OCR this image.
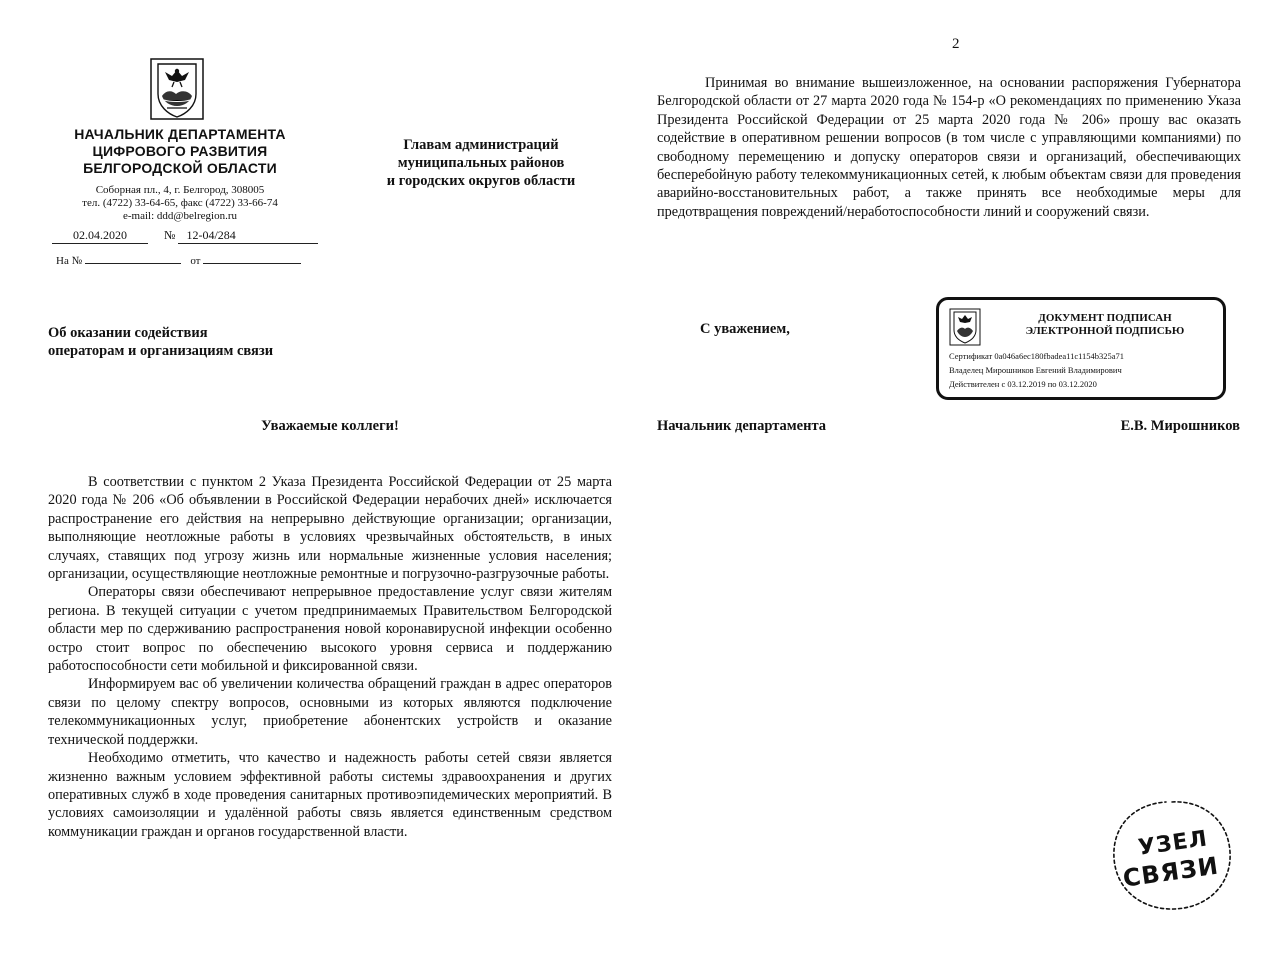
НАЧАЛЬНИК ДЕПАРТАМЕНТА
ЦИФРОВОГО РАЗВИТИЯ
БЕЛГОРОДСКОЙ ОБЛАСТИ
Соборная пл., 4, г. Белгород, 308005
тел. (4722) 33-64-65, факс (4722) 33-66-74
e-mail: ddd@belregion.ru
02.04.2020	№ 12-04/284
На №	от
Главам администраций
муниципальных районов
и городских округов области
Об оказании содействия
операторам и организациям связи
Уважаемые коллеги!

В соответствии с пунктом 2 Указа Президента Российской Федерации от 25 марта 2020 года № 206 «Об объявлении в Российской Федерации нерабочих дней» исключается распространение его действия на непрерывно действующие организации; организации, выполняющие неотложные работы в условиях чрезвычайных обстоятельств, в иных случаях, ставящих под угрозу жизнь или нормальные жизненные условия населения; организации, осуществляющие неотложные ремонтные и погрузочно-разгрузочные работы.

Операторы связи обеспечивают непрерывное предоставление услуг связи жителям региона. В текущей ситуации с учетом предпринимаемых Правительством Белгородской области мер по сдерживанию распространения новой коронавирусной инфекции особенно остро стоит вопрос по обеспечению высокого уровня сервиса и поддержанию работоспособности сети мобильной и фиксированной связи.

Информируем вас об увеличении количества обращений граждан в адрес операторов связи по целому спектру вопросов, основными из которых являются подключение телекоммуникационных услуг, приобретение абонентских устройств и оказание технической поддержки.

Необходимо отметить, что качество и надежность работы сетей связи является жизненно важным условием эффективной работы системы здравоохранения и других оперативных служб в ходе проведения санитарных противоэпидемических мероприятий. В условиях самоизоляции и удалённой работы связь является единственным средством коммуникации граждан и органов государственной власти.

2

Принимая во внимание вышеизложенное, на основании распоряжения Губернатора Белгородской области от 27 марта 2020 года № 154-р «О рекомендациях по применению Указа Президента Российской Федерации от 25 марта 2020 года № 206» прошу вас оказать содействие в оперативном решении вопросов (в том числе с управляющими компаниями) по свободному перемещению и допуску операторов связи и организаций, обеспечивающих бесперебойную работу телекоммуникационных сетей, к любым объектам связи для проведения аварийно-восстановительных работ, а также принять все необходимые меры для предотвращения повреждений/неработоспособности линий и сооружений связи.

С уважением,
ДОКУМЕНТ ПОДПИСАН
ЭЛЕКТРОННОЙ ПОДПИСЬЮ
Сертификат 0a046a6ec180fbadea11c1154b325a71
Владелец Мирошников Евгений Владимирович
Действителен с 03.12.2019 по 03.12.2020
Начальник департамента	Е.В. Мирошников
УЗЕЛ
СВЯЗИ
